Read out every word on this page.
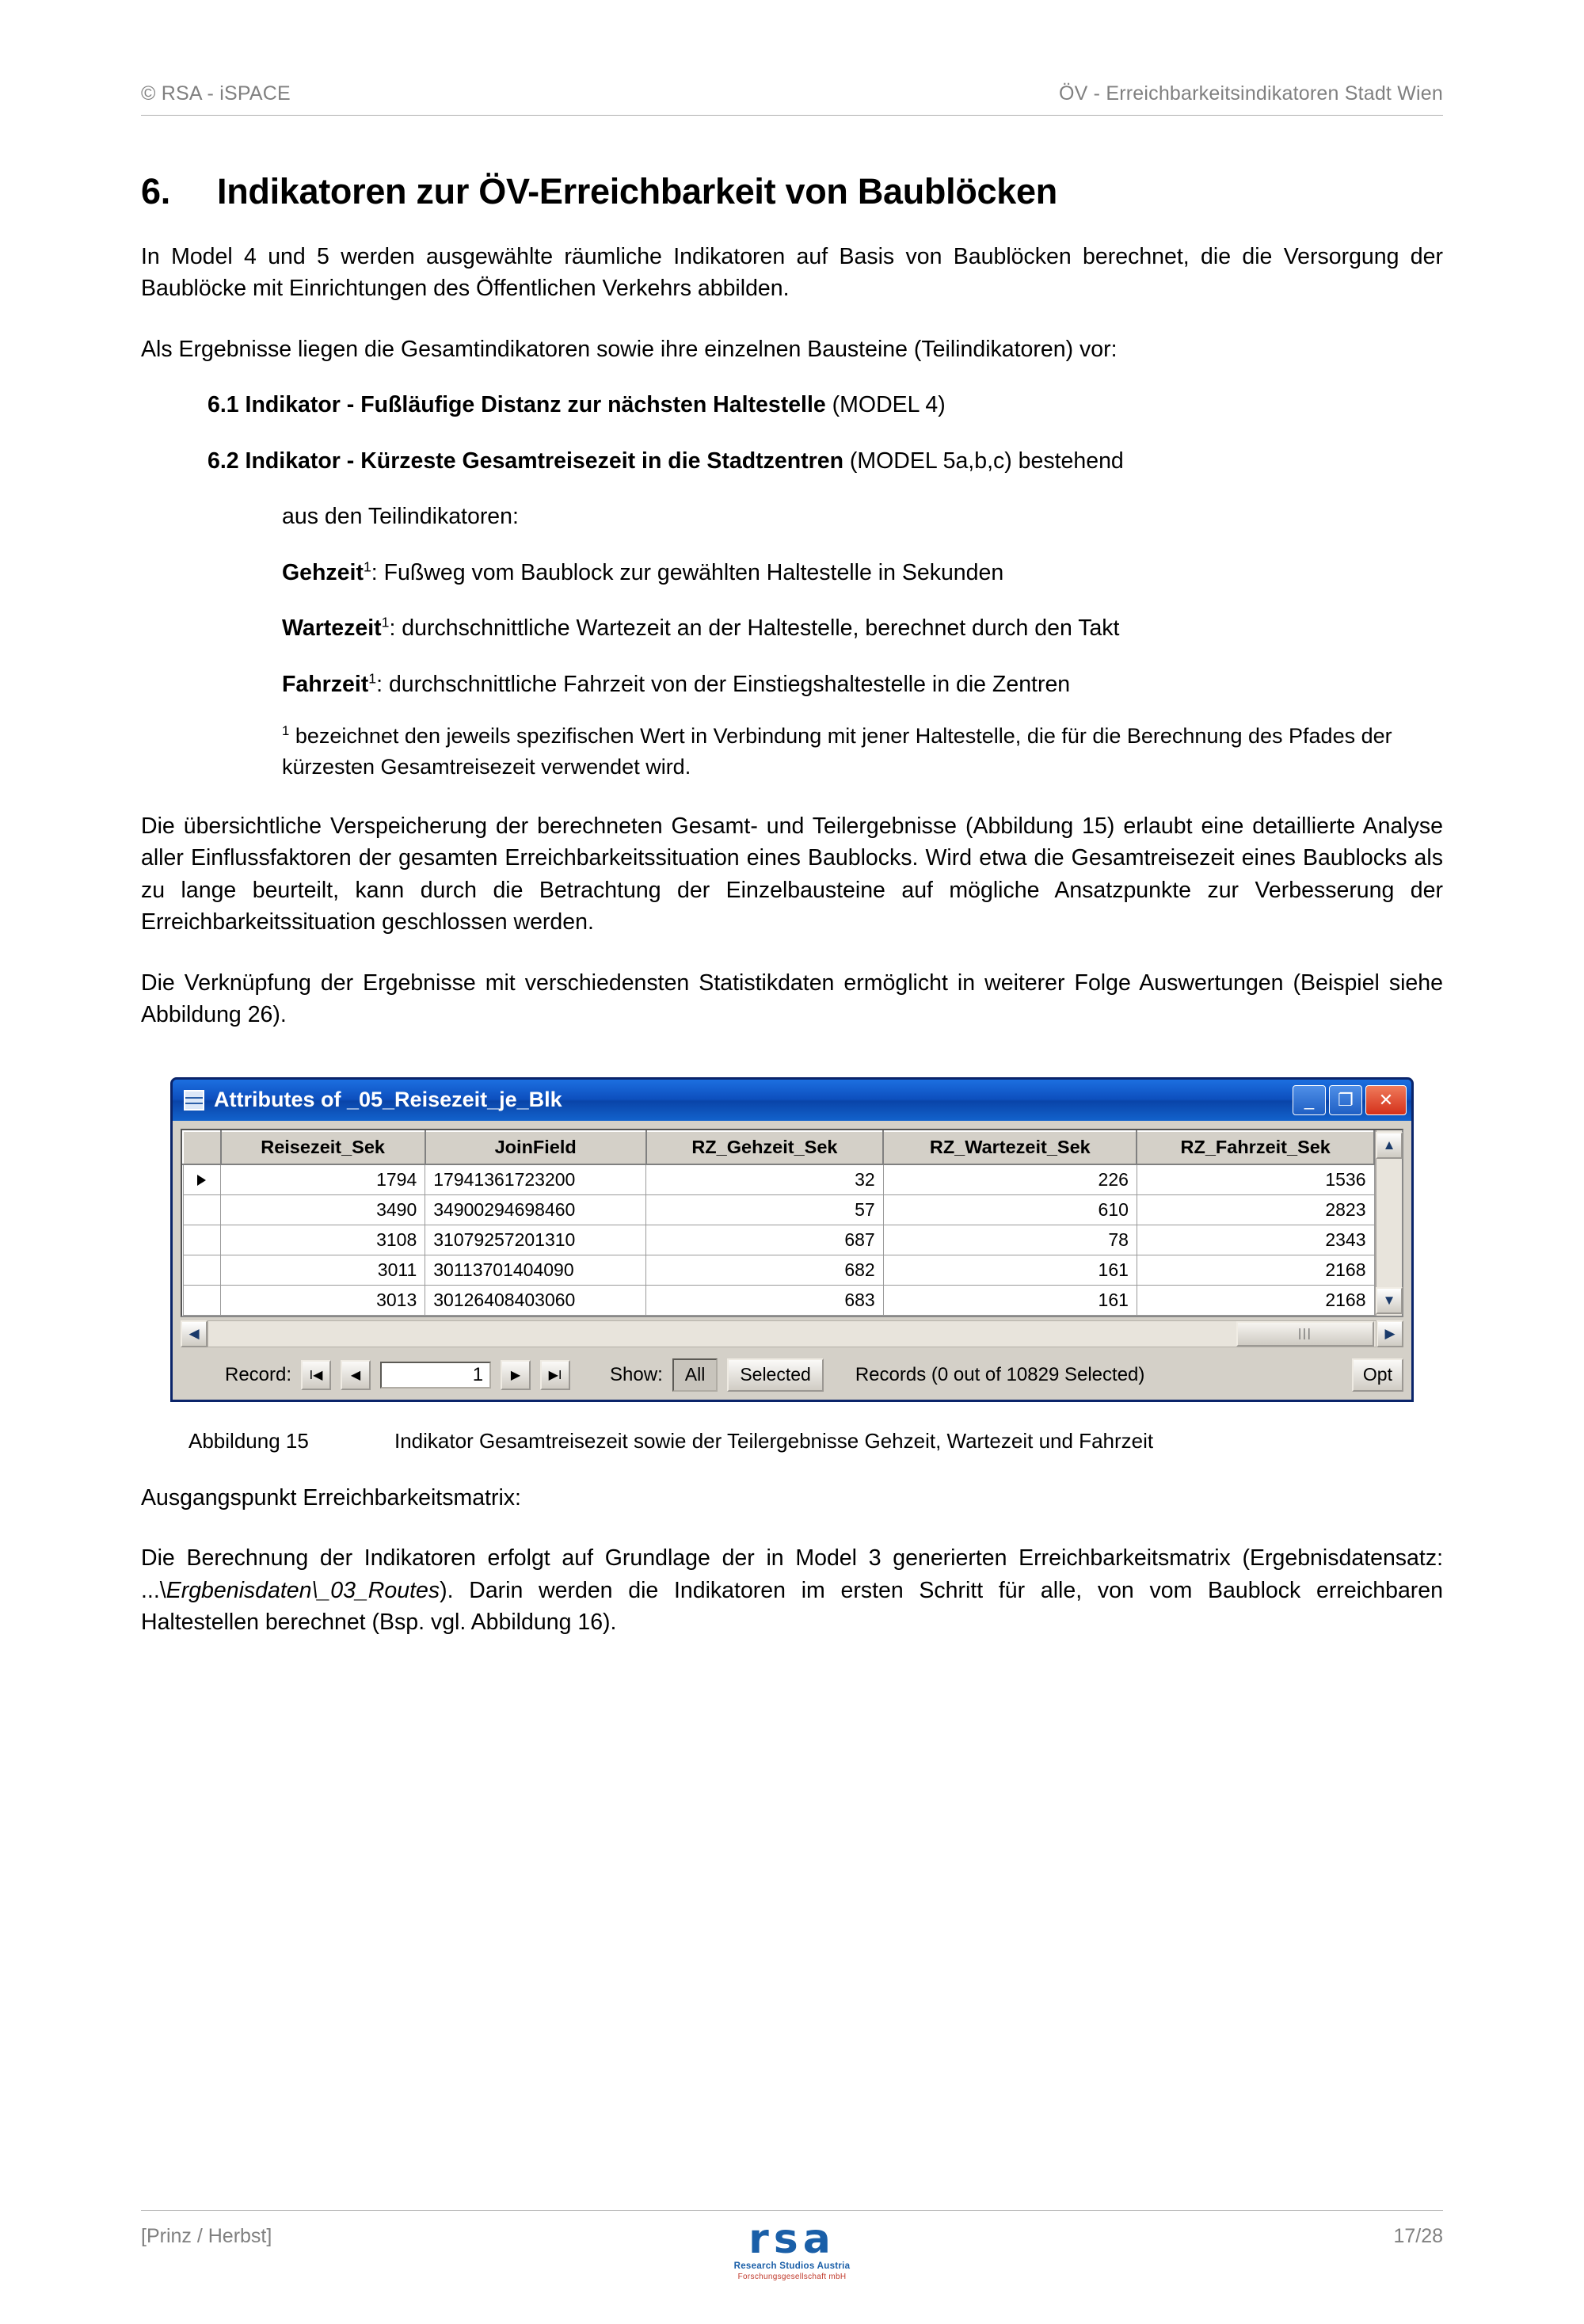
© RSA - iSPACE	ÖV - Erreichbarkeitsindikatoren Stadt Wien
6.	Indikatoren zur ÖV-Erreichbarkeit von Baublöcken

In Model 4 und 5 werden ausgewählte räumliche Indikatoren auf Basis von Baublöcken berechnet, die die Versorgung der Baublöcke mit Einrichtungen des Öffentlichen Verkehrs abbilden.

Als Ergebnisse liegen die Gesamtindikatoren sowie ihre einzelnen Bausteine (Teilindikatoren) vor:

6.1 Indikator - Fußläufige Distanz zur nächsten Haltestelle (MODEL 4)
6.2 Indikator - Kürzeste Gesamtreisezeit in die Stadtzentren (MODEL 5a,b,c) bestehend
aus den Teilindikatoren:
Gehzeit$^1$: Fußweg vom Baublock zur gewählten Haltestelle in Sekunden
Wartezeit$^1$: durchschnittliche Wartezeit an der Haltestelle, berechnet durch den Takt
Fahrzeit$^1$: durchschnittliche Fahrzeit von der Einstiegshaltestelle in die Zentren
$^1$ bezeichnet den jeweils spezifischen Wert in Verbindung mit jener Haltestelle, die für die Berechnung des Pfades der kürzesten Gesamtreisezeit verwendet wird.

Die übersichtliche Verspeicherung der berechneten Gesamt- und Teilergebnisse (Abbildung 15) erlaubt eine detaillierte Analyse aller Einflussfaktoren der gesamten Erreichbarkeitssituation eines Baublocks. Wird etwa die Gesamtreisezeit eines Baublocks als zu lange beurteilt, kann durch die Betrachtung der Einzelbausteine auf mögliche Ansatzpunkte zur Verbesserung der Erreichbarkeitssituation geschlossen werden.

Die Verknüpfung der Ergebnisse mit verschiedensten Statistikdaten ermöglicht in weiterer Folge Auswertungen (Beispiel siehe Abbildung 26).

Attributes of _05_Reisezeit_je_Blk	_	❐	✕
	Reisezeit_Sek	JoinField	RZ_Gehzeit_Sek	RZ_Wartezeit_Sek	RZ_Fahrzeit_Sek
	1794	17941361723200	32	226	1536
	3490	34900294698460	57	610	2823
	3108	31079257201310	687	78	2343
	3011	30113701404090	682	161	2168
	3013	30126408403060	683	161	2168
▲
▼
◀	|||	▶
Record:	I◀	◀	1	▶	▶I	Show:	All	Selected	Records (0 out of 10829 Selected)	Opt
Abbildung 15	Indikator Gesamtreisezeit sowie der Teilergebnisse Gehzeit, Wartezeit und Fahrzeit

Ausgangspunkt Erreichbarkeitsmatrix:

Die Berechnung der Indikatoren erfolgt auf Grundlage der in Model 3 generierten Erreichbarkeitsmatrix (Ergebnisdatensatz: ...\Ergbenisdaten\_03_Routes). Darin werden die Indikatoren im ersten Schritt für alle, von vom Baublock erreichbaren Haltestellen berechnet (Bsp. vgl. Abbildung 16).

[Prinz / Herbst]	rsa
Research Studios Austria
Forschungsgesellschaft mbH
17/28
